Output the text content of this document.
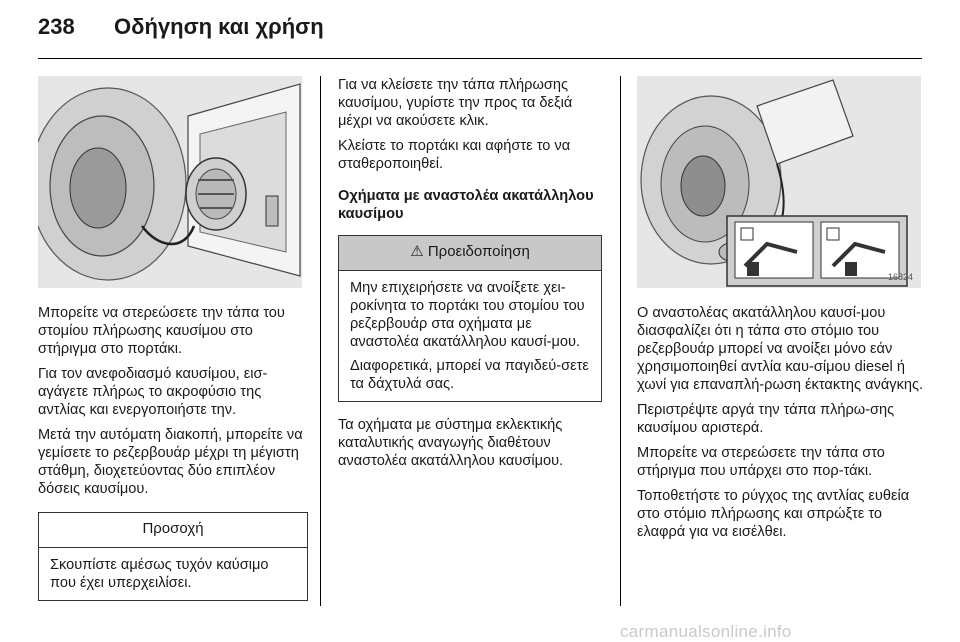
238 Οδήγηση και χρήση

Μπορείτε να στερεώσετε την τάπα του στομίου πλήρωσης καυσίμου στο στήριγμα στο πορτάκι.

Για τον ανεφοδιασμό καυσίμου, εισ-αγάγετε πλήρως το ακροφύσιο της αντλίας και ενεργοποιήστε την.

Μετά την αυτόματη διακοπή, μπορείτε να γεμίσετε το ρεζερβουάρ μέχρι τη μέγιστη στάθμη, διοχετεύοντας δύο επιπλέον δόσεις καυσίμου.

Προσοχή

Σκουπίστε αμέσως τυχόν καύσιμο που έχει υπερχειλίσει.

Για να κλείσετε την τάπα πλήρωσης καυσίμου, γυρίστε την προς τα δεξιά μέχρι να ακούσετε κλικ.

Κλείστε το πορτάκι και αφήστε το να σταθεροποιηθεί.

Οχήματα με αναστολέα ακατάλληλου καυσίμου
⚠ Προειδοποίηση

Μην επιχειρήσετε να ανοίξετε χει-ροκίνητα το πορτάκι του στομίου του ρεζερβουάρ στα οχήματα με αναστολέα ακατάλληλου καυσί-μου.

Διαφορετικά, μπορεί να παγιδεύ-σετε τα δάχτυλά σας.

Τα οχήματα με σύστημα εκλεκτικής καταλυτικής αναγωγής διαθέτουν αναστολέα ακατάλληλου καυσίμου.

16824

Ο αναστολέας ακατάλληλου καυσί-μου διασφαλίζει ότι η τάπα στο στόμιο του ρεζερβουάρ μπορεί να ανοίξει μόνο εάν χρησιμοποιηθεί αντλία καυ-σίμου diesel ή χωνί για επαναπλή-ρωση έκτακτης ανάγκης.

Περιστρέψτε αργά την τάπα πλήρω-σης καυσίμου αριστερά.

Μπορείτε να στερεώσετε την τάπα στο στήριγμα που υπάρχει στο πορ-τάκι.

Τοποθετήστε το ρύγχος της αντλίας ευθεία στο στόμιο πλήρωσης και σπρώξτε το ελαφρά για να εισέλθει.

carmanualsonline.info
